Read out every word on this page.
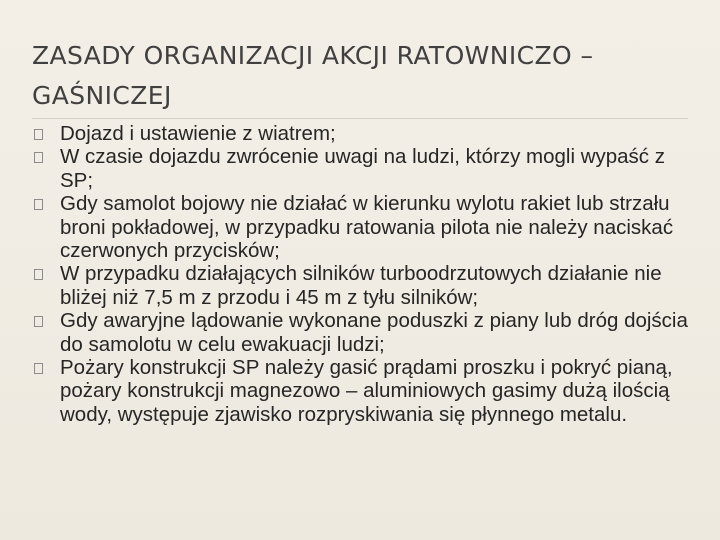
ZASADY ORGANIZACJI AKCJI RATOWNICZO – GAŚNICZEJ
Dojazd i ustawienie z wiatrem;
W czasie dojazdu zwrócenie uwagi na ludzi, którzy mogli wypaść z SP;
Gdy samolot bojowy nie działać w kierunku wylotu rakiet lub strzału broni pokładowej, w przypadku ratowania pilota nie należy naciskać czerwonych przycisków;
W przypadku działających silników turboodrzutowych działanie nie bliżej niż 7,5 m z przodu i 45 m z tyłu silników;
Gdy awaryjne lądowanie wykonane poduszki z piany lub dróg dojścia do samolotu w celu ewakuacji ludzi;
Pożary konstrukcji SP należy gasić prądami proszku i pokryć pianą, pożary konstrukcji magnezowo – aluminiowych gasimy dużą ilością wody, występuje zjawisko rozpryskiwania się płynnego metalu.
